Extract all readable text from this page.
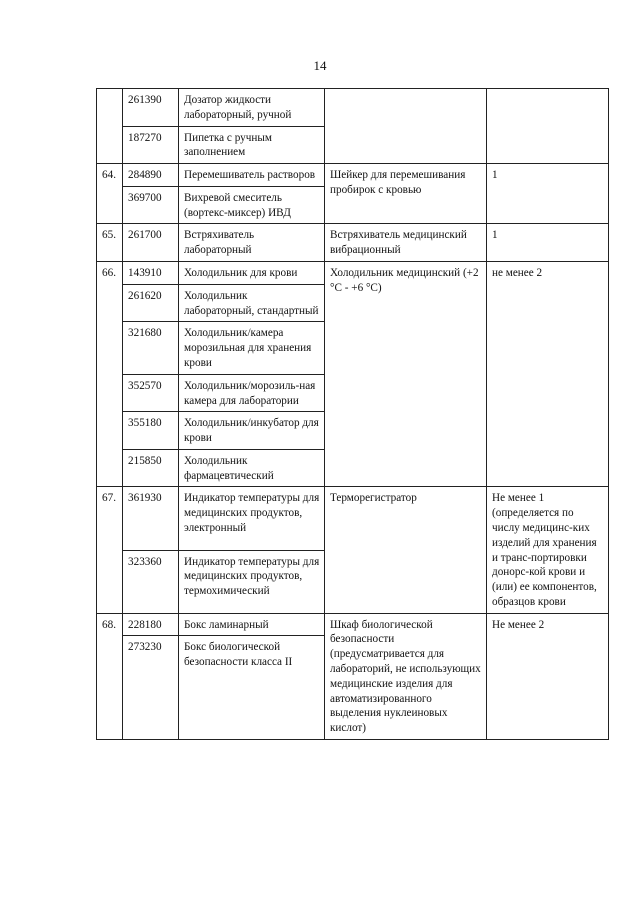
14
	261390	Дозатор жидкости лабораторный, ручной		
	187270	Пипетка с ручным заполнением		
64.	284890	Перемешиватель растворов	Шейкер для перемешивания пробирок с кровью	1
	369700	Вихревой смеситель (вортекс-миксер) ИВД		
65.	261700	Встряхиватель лабораторный	Встряхиватель медицинский вибрационный	1
66.	143910	Холодильник для крови	Холодильник медицинский (+2 °С - +6 °С)	не менее 2
	261620	Холодильник лабораторный, стандартный		
	321680	Холодильник/камера морозильная для хранения крови		
	352570	Холодильник/морозиль-ная камера для лаборатории		
	355180	Холодильник/инкубатор для крови		
	215850	Холодильник фармацевтический		
67.	361930	Индикатор температуры для медицинских продуктов, электронный	Терморегистратор	Не менее 1 (определяется по числу медицинс-ких изделий для хранения и транс-портировки донорс-кой крови и (или) ее компонентов, образцов крови
	323360	Индикатор температуры для медицинских продуктов, термохимический		
68.	228180	Бокс ламинарный	Шкаф биологической безопасности (предусматривается для лабораторий, не использующих медицинские изделия для автоматизированного выделения нуклеиновых кислот)	Не менее 2
	273230	Бокс биологической безопасности класса II		
